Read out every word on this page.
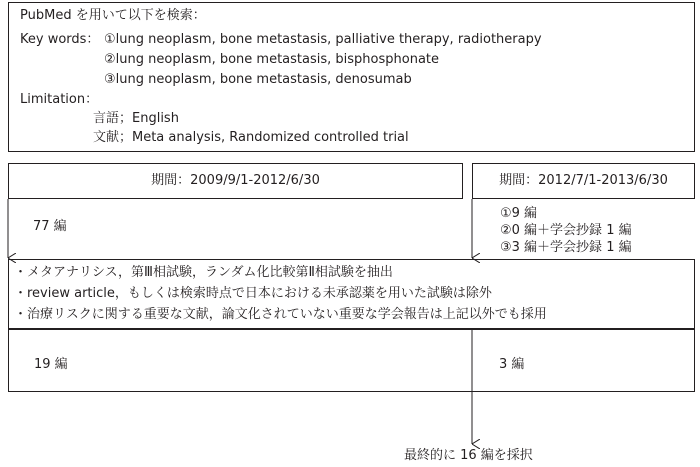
PubMed を用いて以下を検索：
Key words： ①lung neoplasm, bone metastasis, palliative therapy, radiotherapy
②lung neoplasm, bone metastasis, bisphosphonate
③lung neoplasm, bone metastasis, denosumab
Limitation：
言語；English
文献；Meta analysis, Randomized controlled trial
期間：2009/9/1-2012/6/30	期間：2012/7/1-2013/6/30
77 編
①9 編
②0 編＋学会抄録 1 編
③3 編＋学会抄録 1 編
・メタアナリシス，第Ⅲ相試験，ランダム化比較第Ⅱ相試験を抽出
・review article，もしくは検索時点で日本における未承認薬を用いた試験は除外
・治療リスクに関する重要な文献，論文化されていない重要な学会報告は上記以外でも採用
19 編	3 編
最終的に 16 編を採択
